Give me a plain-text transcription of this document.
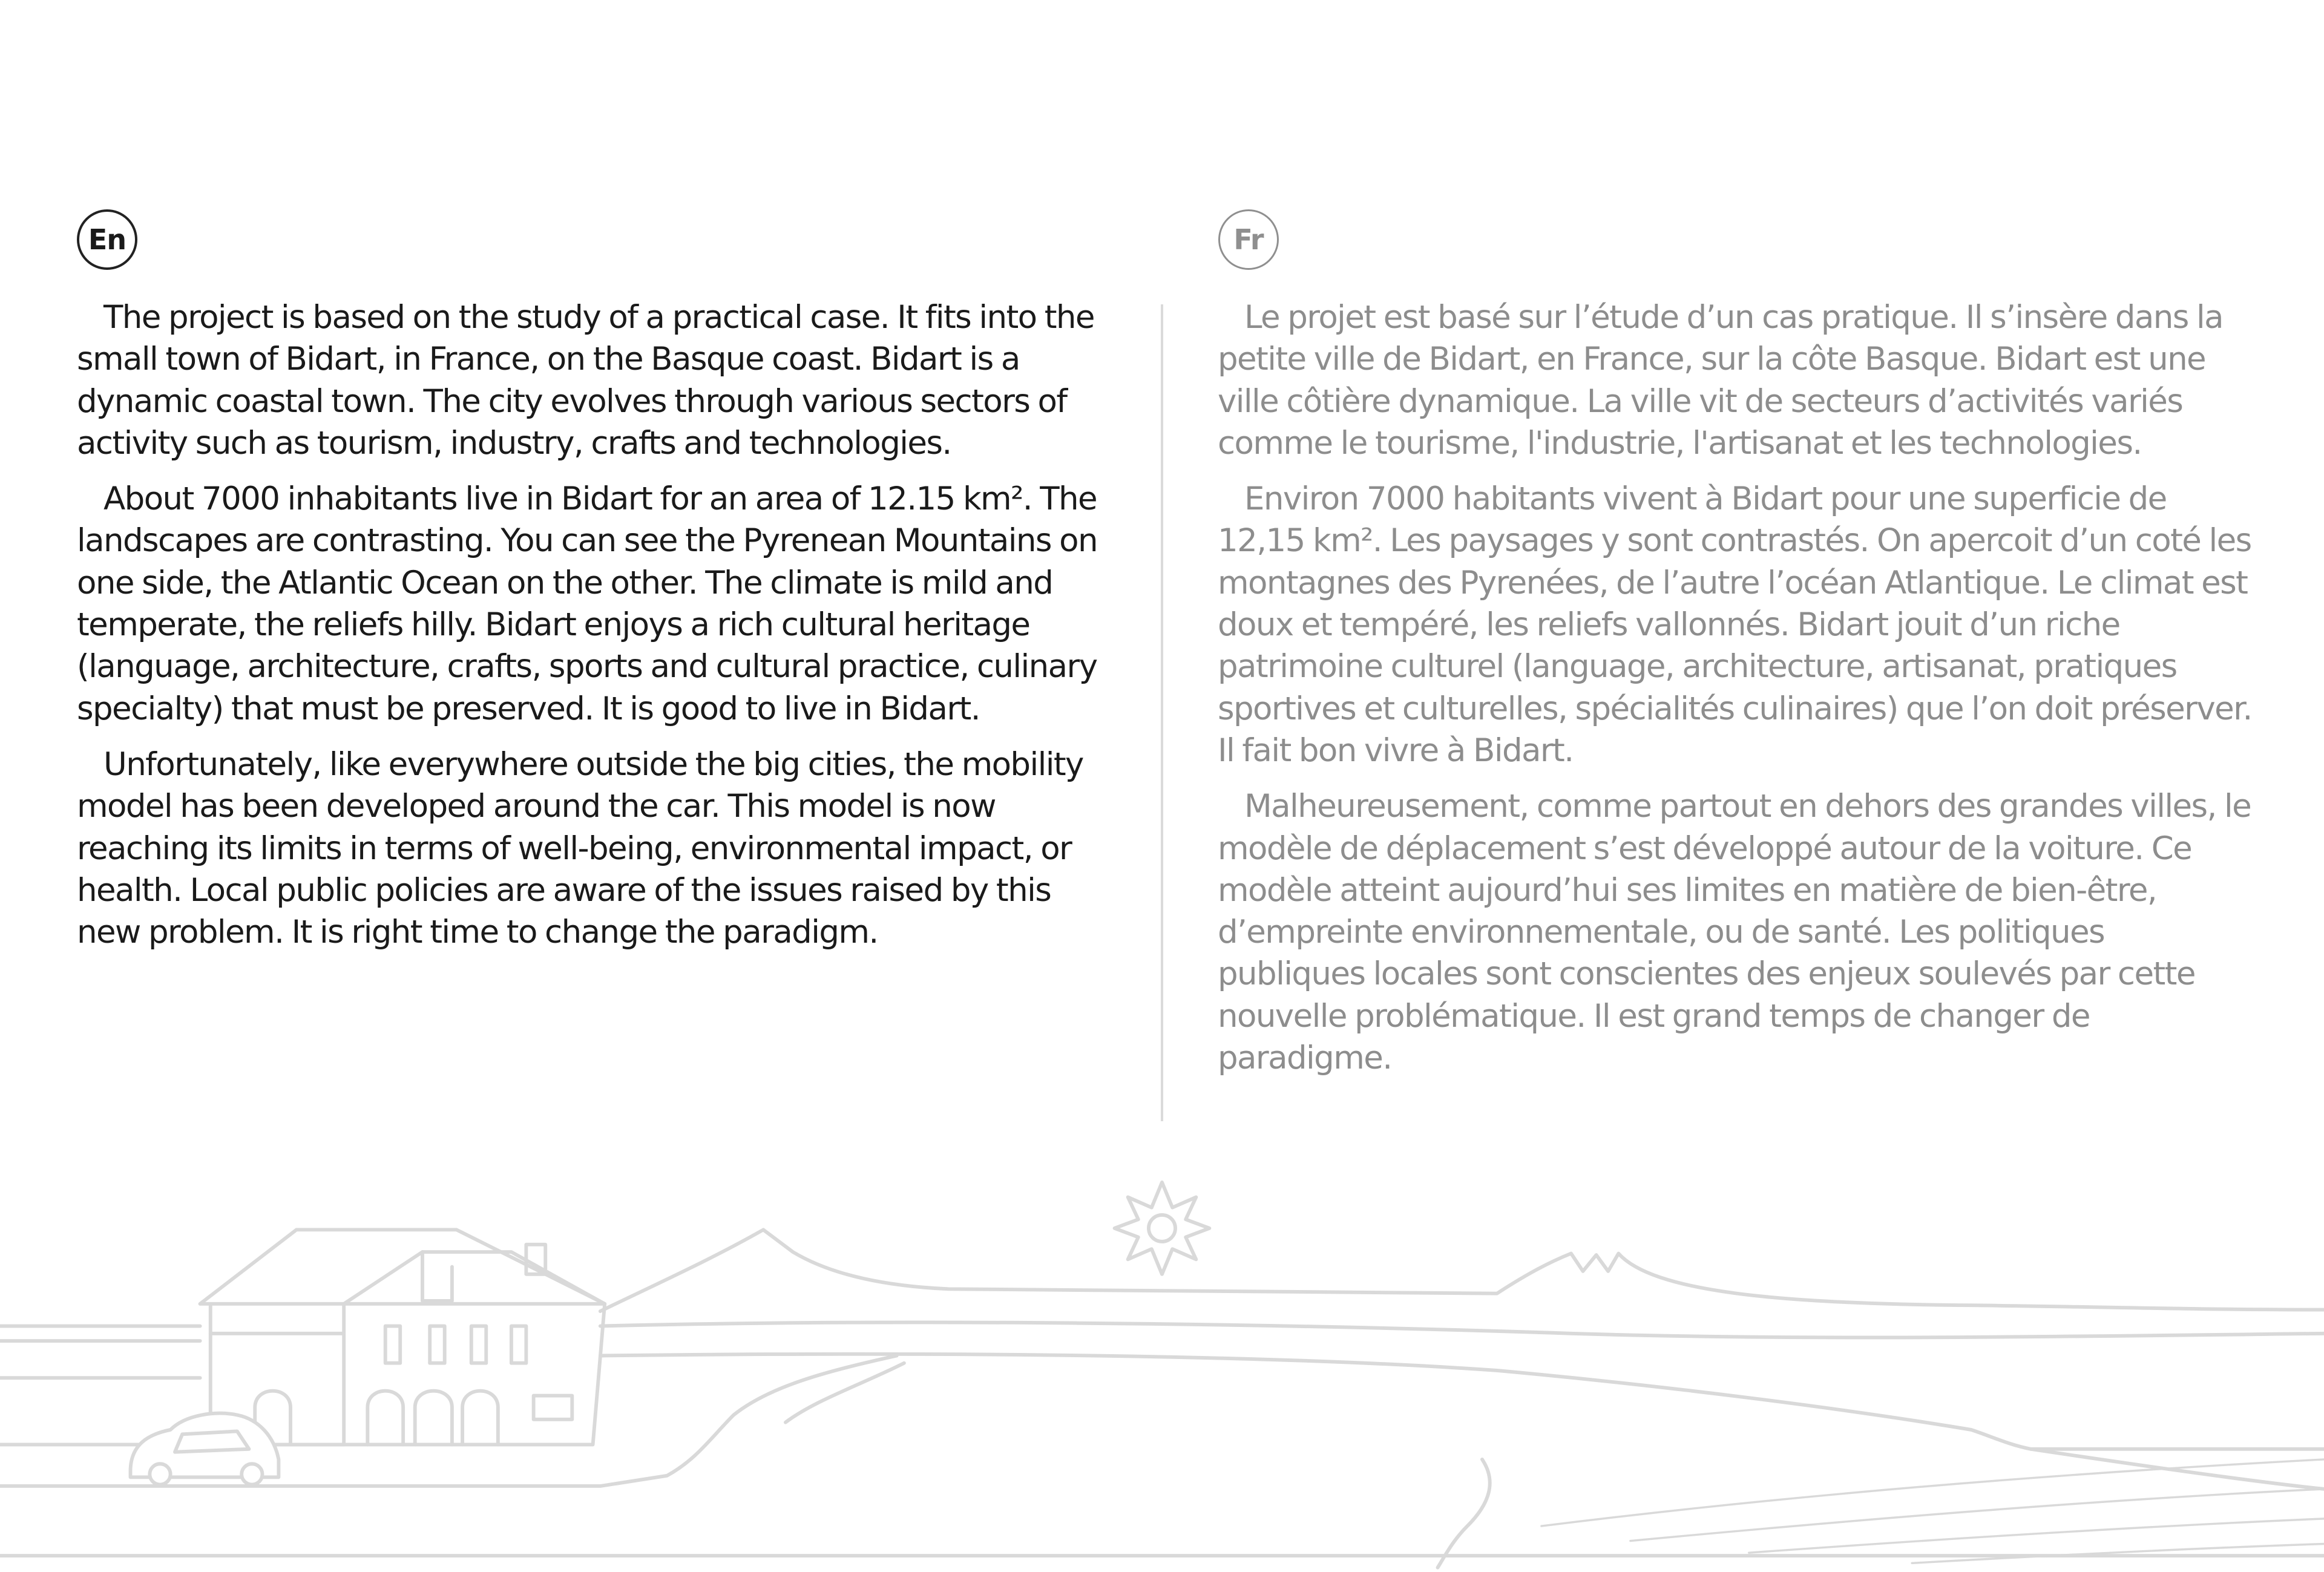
En	Fr

The project is based on the study of a practical case. It fits into the small town of Bidart, in France, on the Basque coast. Bidart is a dynamic coastal town. The city evolves through various sectors of activity such as tourism, industry, crafts and technologies.

About 7000 inhabitants live in Bidart for an area of 12.15 km². The landscapes are contrasting. You can see the Pyrenean Mountains on one side, the Atlantic Ocean on the other. The climate is mild and temperate, the reliefs hilly. Bidart enjoys a rich cultural heritage (language, architecture, crafts, sports and cultural practice, culinary specialty) that must be preserved. It is good to live in Bidart.

Unfortunately, like everywhere outside the big cities, the mobility model has been developed around the car. This model is now reaching its limits in terms of well-being, environmental impact, or health. Local public policies are aware of the issues raised by this new problem. It is right time to change the paradigm.

Le projet est basé sur l’étude d’un cas pratique. Il s’insère dans la petite ville de Bidart, en France, sur la côte Basque. Bidart est une ville côtière dynamique. La ville vit de secteurs d’activités variés comme le tourisme, l'industrie, l'artisanat et les technologies.

Environ 7000 habitants vivent à Bidart pour une superficie de 12,15 km². Les paysages y sont contrastés. On apercoit d’un coté les montagnes des Pyrenées, de l’autre l’océan Atlantique. Le climat est doux et tempéré, les reliefs vallonnés. Bidart jouit d’un riche patrimoine culturel (language, architecture, artisanat, pratiques sportives et culturelles, spécialités culinaires) que l’on doit préserver. Il fait bon vivre à Bidart.

Malheureusement, comme partout en dehors des grandes villes, le modèle de déplacement s’est développé autour de la voiture. Ce modèle atteint aujourd’hui ses limites en matière de bien-être, d’empreinte environnementale, ou de santé. Les politiques publiques locales sont conscientes des enjeux soulevés par cette nouvelle problématique. Il est grand temps de changer de paradigme.
